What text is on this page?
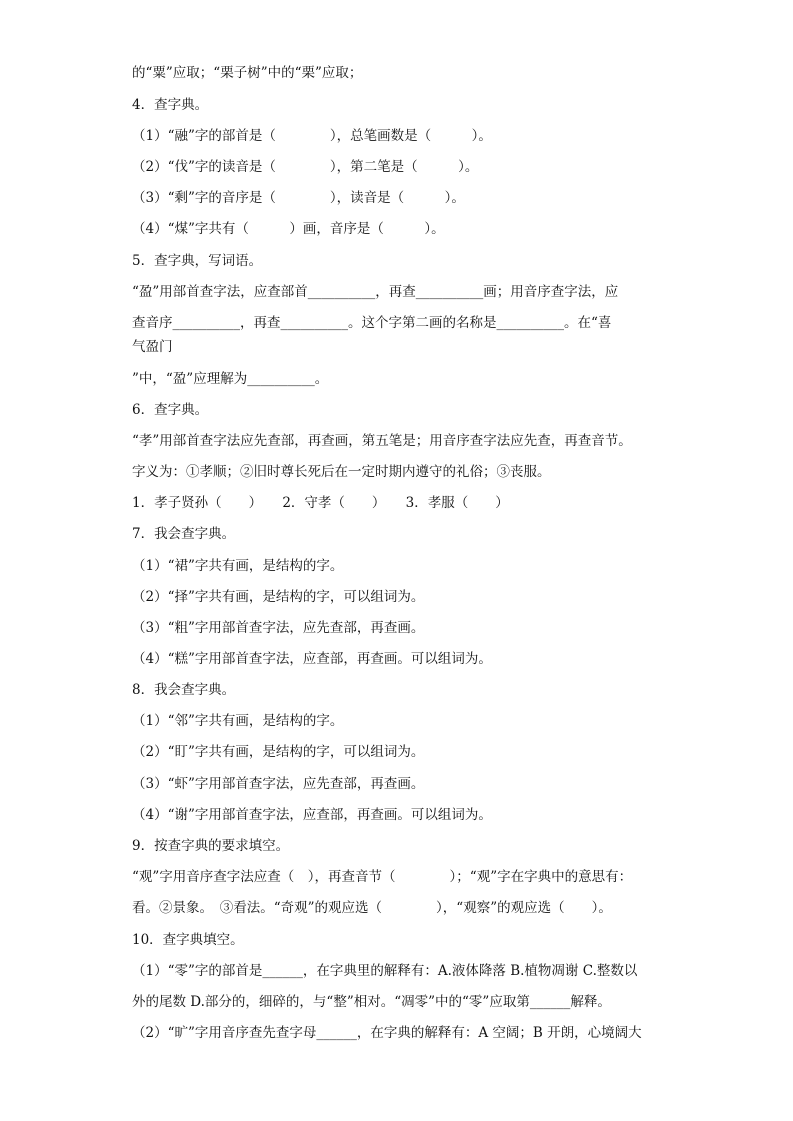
的“粟”应取；“栗子树”中的“栗”应取；
4．查字典。
（1）“融”字的部首是（　　　　），总笔画数是（　　　）。
（2）“伐”字的读音是（　　　　），第二笔是（　　　）。
（3）“剩”字的音序是（　　　　），读音是（　　　）。
（4）“煤”字共有（　　　）画，音序是（　　　）。
5．查字典，写词语。
“盈”用部首查字法，应查部首__________，再查__________画；用音序查字法，应
查音序__________，再查__________。这个字第二画的名称是__________。在“喜
气盈门
”中，“盈”应理解为__________。
6．查字典。
“孝”用部首查字法应先查部，再查画，第五笔是；用音序查字法应先查，再查音节。
字义为：①孝顺；②旧时尊长死后在一定时期内遵守的礼俗；③丧服。
1．孝子贤孙（　　）　　2．守孝（　　）　　3．孝服（　　）
7．我会查字典。
（1）“裙”字共有画，是结构的字。
（2）“择”字共有画，是结构的字，可以组词为。
（3）“粗”字用部首查字法，应先查部，再查画。
（4）“糕”字用部首查字法，应查部，再查画。可以组词为。
8．我会查字典。
（1）“邻”字共有画，是结构的字。
（2）“盯”字共有画，是结构的字，可以组词为。
（3）“虾”字用部首查字法，应先查部，再查画。
（4）“谢”字用部首查字法，应查部，再查画。可以组词为。
9．按查字典的要求填空。
“观”字用音序查字法应查（　），再查音节（　　　　）；“观”字在字典中的意思有：
看。②景象。　③看法。“奇观”的观应选（　　　　），“观察”的观应选（　　）。
10．查字典填空。
（1）“零”字的部首是______，在字典里的解释有：A.液体降落 B.植物凋谢 C.整数以
外的尾数 D.部分的，细碎的，与“整”相对。“凋零”中的“零”应取第______解释。
（2）“旷”字用音序查先查字母______，在字典的解释有：A 空阔；B 开朗，心境阔大
